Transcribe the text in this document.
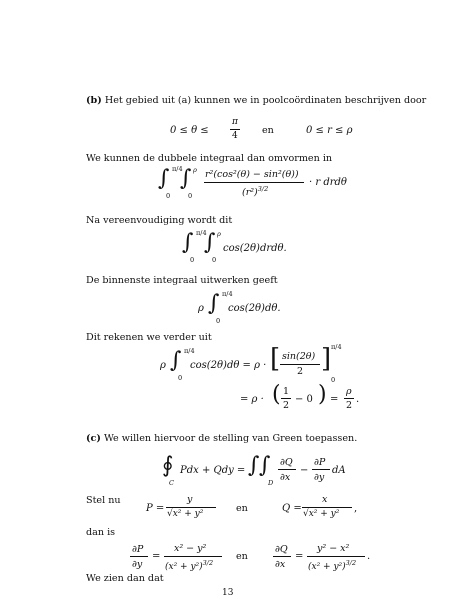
(b) Het gebied uit (a) kunnen we in poolcoördinaten beschrijven door
0 ≤ θ ≤
π
4	en	0 ≤ r ≤ ρ
We kunnen de dubbele integraal dan omvormen in
∫ π/4
0
∫ ρ
0
r²(cos²(θ) − sin²(θ))
$(r^2)^{3/2}$
· r drdθ
Na vereenvoudiging wordt dit
∫ π/4
0
∫ ρ
0
cos(2θ)drdθ.
De binnenste integraal uitwerken geeft
ρ ∫ π/4
0
cos(2θ)dθ.
Dit rekenen we verder uit
ρ ∫ π/4
0
cos(2θ)dθ = ρ · [ sin(2θ)
2 ] π/4
0
= ρ · ( 1
2
− 0 ) =
ρ
2
.
(c) We willen hiervoor de stelling van Green toepassen.
∮
C
Pdx + Qdy = ∫ ∫
D
∂Q
∂x
−
∂P
∂y
dA
Stel nu
P =
y
√x² + y²	en	Q =
x
√x² + y² ,
dan is
∂P
∂y
=
x² − y²
$(x^2 + y^2)^{3/2}$
en
∂Q
∂x
=
y² − x²
$(x^2 + y^2)^{3/2}$
.
We zien dan dat
13
